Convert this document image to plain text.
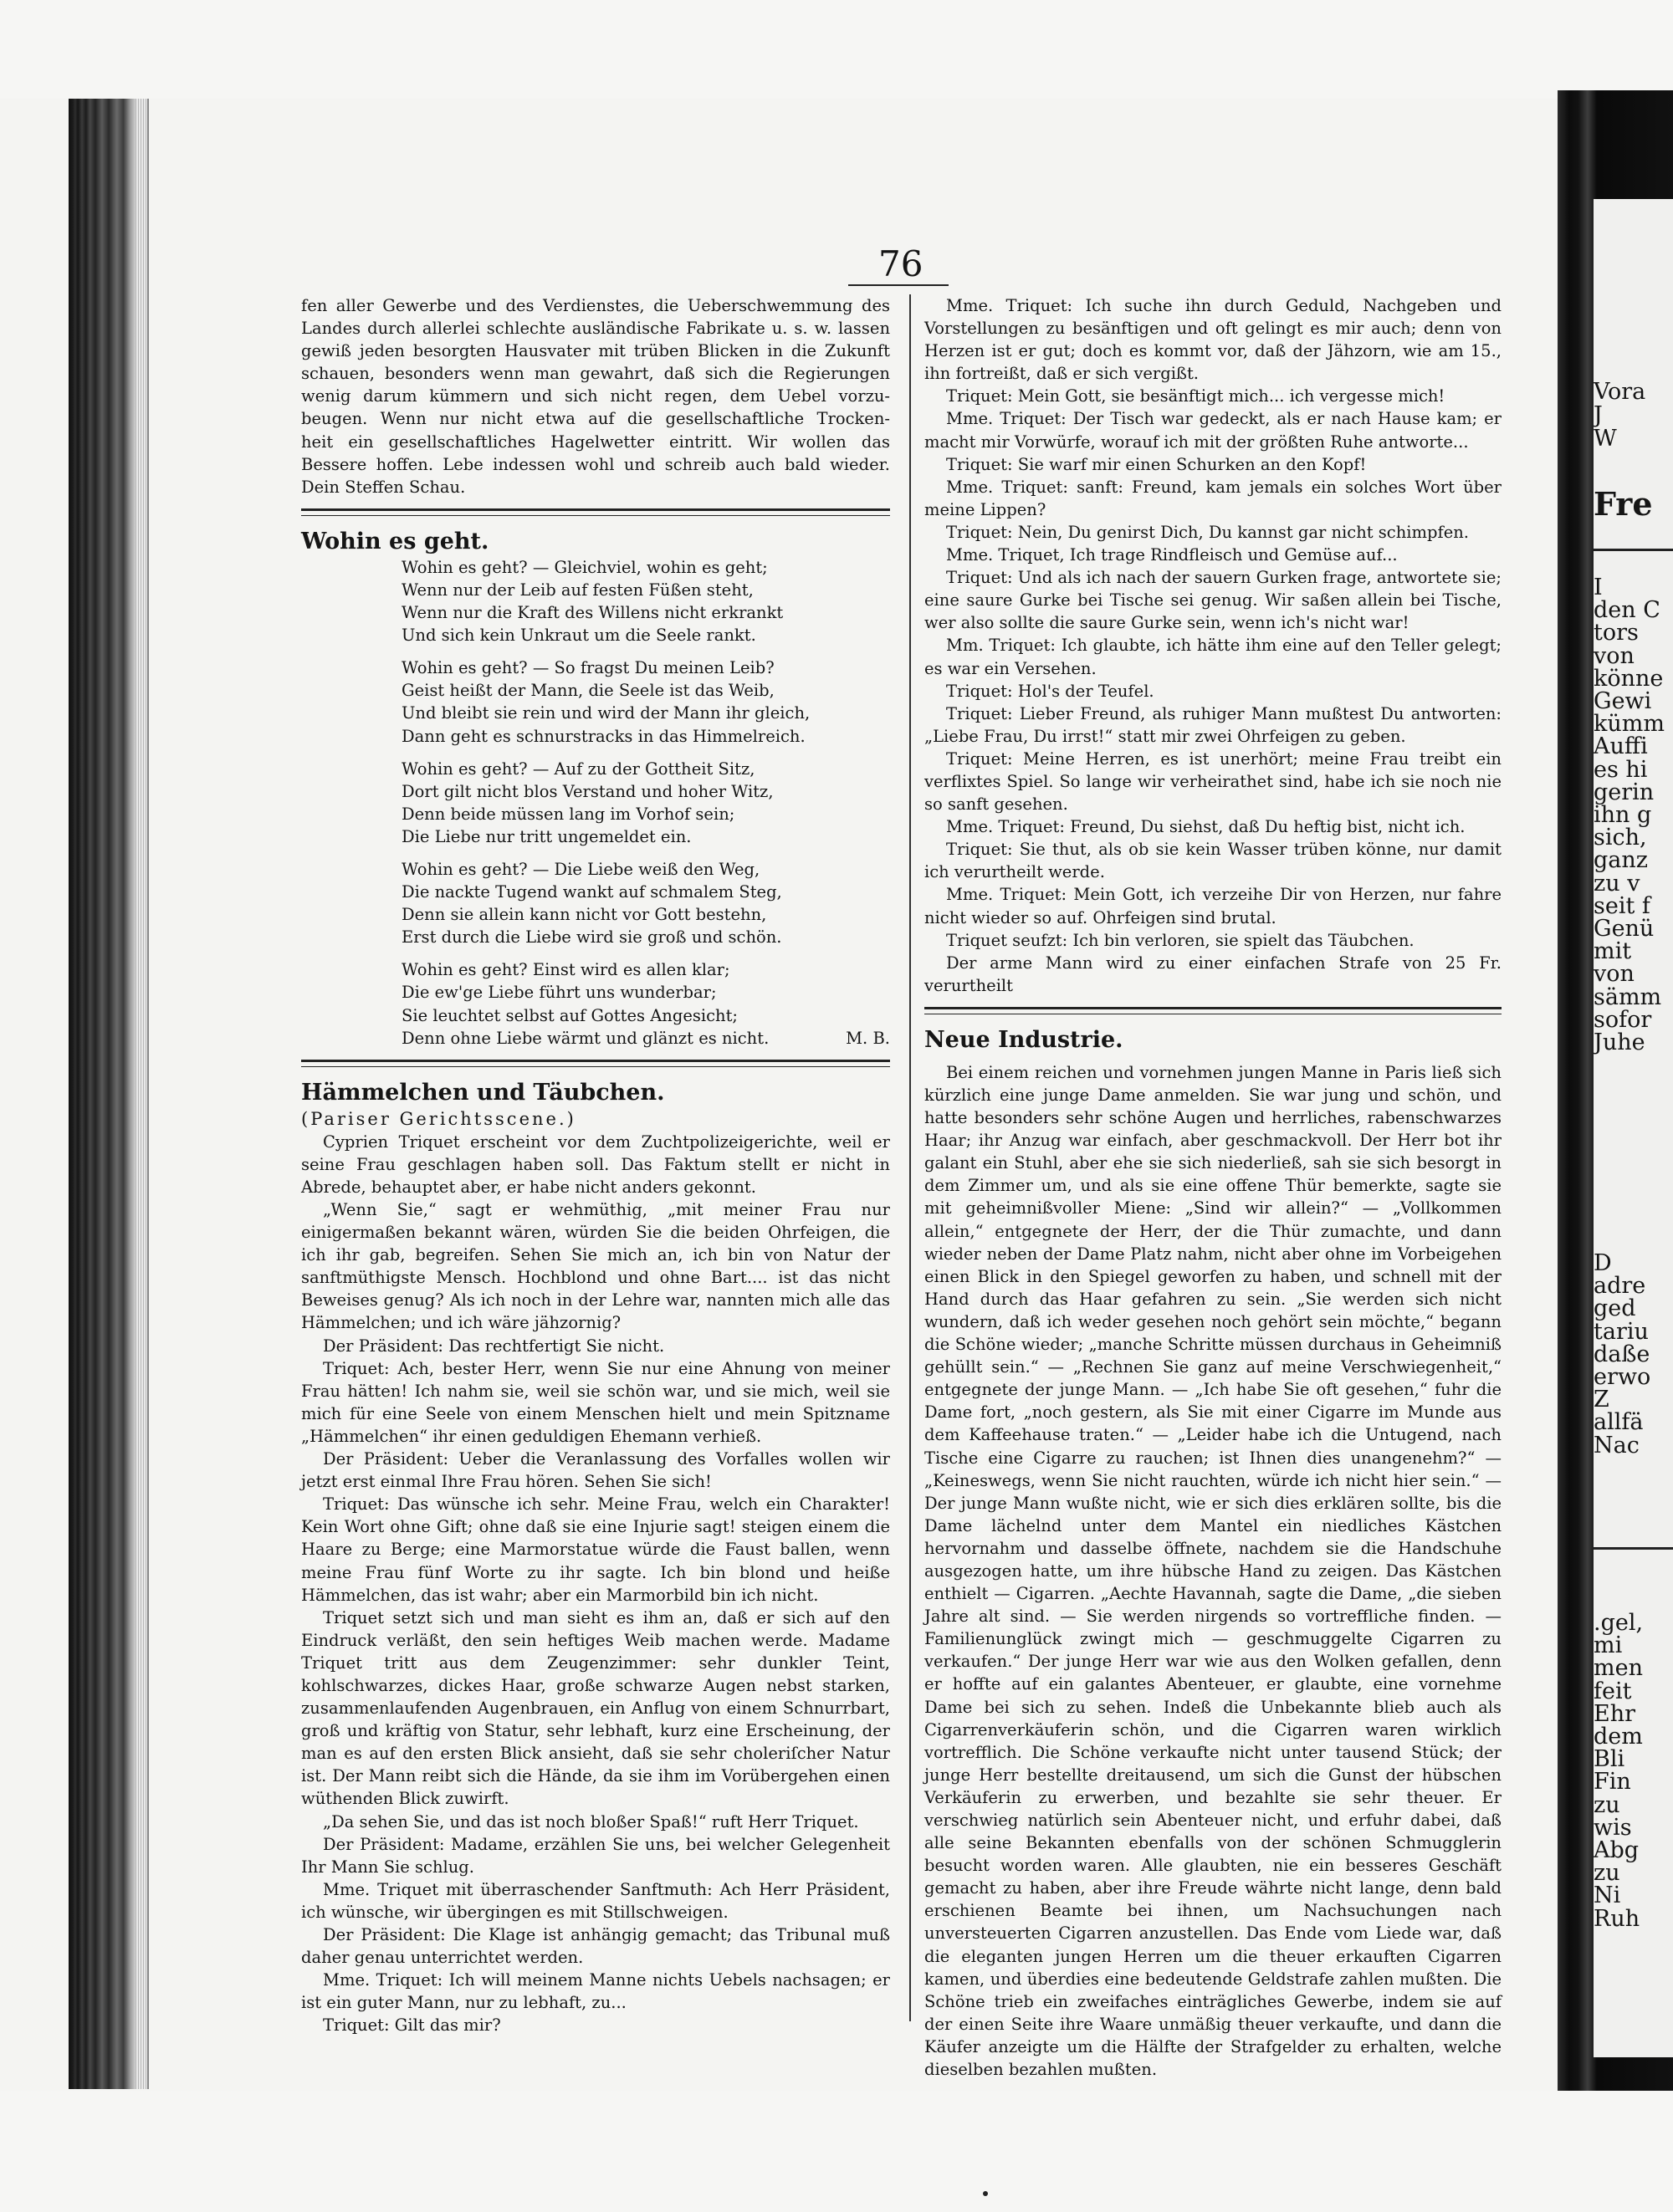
Vora
J
W
Fre
I
den C
tors
von
könne
Gewi
kümm
Auffi
es hi
gerin
ihn g
sich,
ganz
zu v
seit f
Genü
mit
von
sämm
sofor
Juhe
D
adre
ged
tariu
daße
erwo
Z
allfä
Nac
.gel,
mi
men
feit
Ehr
dem
Bli
Fin
zu
wis
Abg
zu
Ni
Ruh
76

fen aller Gewerbe und des Verdienstes, die Ueberschwemmung des

Landes durch allerlei schlechte ausländische Fabrikate u. s. w. lassen

gewiß jeden besorgten Hausvater mit trüben Blicken in die Zukunft

schauen, besonders wenn man gewahrt, daß sich die Regierungen

wenig darum kümmern und sich nicht regen, dem Uebel vorzu-

beugen. Wenn nur nicht etwa auf die gesellschaftliche Trocken-

heit ein gesellschaftliches Hagelwetter eintritt. Wir wollen das

Bessere hoffen. Lebe indessen wohl und schreib auch bald wieder.

Dein Steffen Schau.

Wohin es geht.

Wohin es geht? — Gleichviel, wohin es geht;
Wenn nur der Leib auf festen Füßen steht,
Wenn nur die Kraft des Willens nicht erkrankt
Und sich kein Unkraut um die Seele rankt.
Wohin es geht? — So fragst Du meinen Leib?
Geist heißt der Mann, die Seele ist das Weib,
Und bleibt sie rein und wird der Mann ihr gleich,
Dann geht es schnurstracks in das Himmelreich.
Wohin es geht? — Auf zu der Gottheit Sitz,
Dort gilt nicht blos Verstand und hoher Witz,
Denn beide müssen lang im Vorhof sein;
Die Liebe nur tritt ungemeldet ein.
Wohin es geht? — Die Liebe weiß den Weg,
Die nackte Tugend wankt auf schmalem Steg,
Denn sie allein kann nicht vor Gott bestehn,
Erst durch die Liebe wird sie groß und schön.
Wohin es geht? Einst wird es allen klar;
Die ew'ge Liebe führt uns wunderbar;
Sie leuchtet selbst auf Gottes Angesicht;
Denn ohne Liebe wärmt und glänzt es nicht.	M. B.

Hämmelchen und Täubchen.

(Pariser Gerichtsscene.)

Cyprien Triquet erscheint vor dem Zuchtpolizeigerichte, weil er seine Frau geschlagen haben soll. Das Faktum stellt er nicht in Abrede, behauptet aber, er habe nicht anders gekonnt.

„Wenn Sie,“ sagt er wehmüthig, „mit meiner Frau nur einigermaßen bekannt wären, würden Sie die beiden Ohrfeigen, die ich ihr gab, begreifen. Sehen Sie mich an, ich bin von Natur der sanftmüthigste Mensch. Hochblond und ohne Bart.... ist das nicht Beweises genug? Als ich noch in der Lehre war, nannten mich alle das Hämmelchen; und ich wäre jähzornig?

Der Präsident: Das rechtfertigt Sie nicht.

Triquet: Ach, bester Herr, wenn Sie nur eine Ahnung von meiner Frau hätten! Ich nahm sie, weil sie schön war, und sie mich, weil sie mich für eine Seele von einem Menschen hielt und mein Spitzname „Hämmelchen“ ihr einen geduldigen Ehemann verhieß.

Der Präsident: Ueber die Veranlassung des Vorfalles wollen wir jetzt erst einmal Ihre Frau hören. Sehen Sie sich!

Triquet: Das wünsche ich sehr. Meine Frau, welch ein Charakter! Kein Wort ohne Gift; ohne daß sie eine Injurie sagt! steigen einem die Haare zu Berge; eine Marmorstatue würde die Faust ballen, wenn meine Frau fünf Worte zu ihr sagte. Ich bin blond und heiße Hämmelchen, das ist wahr; aber ein Marmorbild bin ich nicht.

Triquet setzt sich und man sieht es ihm an, daß er sich auf den Eindruck verläßt, den sein heftiges Weib machen werde. Madame Triquet tritt aus dem Zeugenzimmer: sehr dunkler Teint, kohlschwarzes, dickes Haar, große schwarze Augen nebst starken, zusammenlaufenden Augenbrauen, ein Anflug von einem Schnurrbart, groß und kräftig von Statur, sehr lebhaft, kurz eine Erscheinung, der man es auf den ersten Blick ansieht, daß sie sehr choleriſcher Natur ist. Der Mann reibt sich die Hände, da sie ihm im Vorübergehen einen wüthenden Blick zuwirft.

„Da sehen Sie, und das ist noch bloßer Spaß!“ ruft Herr Triquet.

Der Präsident: Madame, erzählen Sie uns, bei welcher Gelegenheit Ihr Mann Sie schlug.

Mme. Triquet mit überraschender Sanftmuth: Ach Herr Präsident, ich wünsche, wir übergingen es mit Stillschweigen.

Der Präsident: Die Klage ist anhängig gemacht; das Tribunal muß daher genau unterrichtet werden.

Mme. Triquet: Ich will meinem Manne nichts Uebels nachsagen; er ist ein guter Mann, nur zu lebhaft, zu...

Triquet: Gilt das mir?

Mme. Triquet: Ich suche ihn durch Geduld, Nachgeben und Vorstellungen zu besänftigen und oft gelingt es mir auch; denn von Herzen ist er gut; doch es kommt vor, daß der Jähzorn, wie am 15., ihn fortreißt, daß er sich vergißt.

Triquet: Mein Gott, sie besänftigt mich... ich vergesse mich!

Mme. Triquet: Der Tisch war gedeckt, als er nach Hause kam; er macht mir Vorwürfe, worauf ich mit der größten Ruhe antworte...

Triquet: Sie warf mir einen Schurken an den Kopf!

Mme. Triquet: sanft: Freund, kam jemals ein solches Wort über meine Lippen?

Triquet: Nein, Du genirst Dich, Du kannst gar nicht schimpfen.

Mme. Triquet, Ich trage Rindfleisch und Gemüse auf...

Triquet: Und als ich nach der sauern Gurken frage, antwortete sie; eine saure Gurke bei Tische sei genug. Wir saßen allein bei Tische, wer also sollte die saure Gurke sein, wenn ich's nicht war!

Mm. Triquet: Ich glaubte, ich hätte ihm eine auf den Teller gelegt; es war ein Versehen.

Triquet: Hol's der Teufel.

Triquet: Lieber Freund, als ruhiger Mann mußtest Du antworten: „Liebe Frau, Du irrst!“ statt mir zwei Ohrfeigen zu geben.

Triquet: Meine Herren, es ist unerhört; meine Frau treibt ein verflixtes Spiel. So lange wir verheirathet sind, habe ich sie noch nie so sanft gesehen.

Mme. Triquet: Freund, Du siehst, daß Du heftig bist, nicht ich.

Triquet: Sie thut, als ob sie kein Wasser trüben könne, nur damit ich verurtheilt werde.

Mme. Triquet: Mein Gott, ich verzeihe Dir von Herzen, nur fahre nicht wieder so auf. Ohrfeigen sind brutal.

Triquet seufzt: Ich bin verloren, sie spielt das Täubchen.

Der arme Mann wird zu einer einfachen Strafe von 25 Fr. verurtheilt

Neue Industrie.

Bei einem reichen und vornehmen jungen Manne in Paris ließ sich kürzlich eine junge Dame anmelden. Sie war jung und schön, und hatte besonders sehr schöne Augen und herrliches, rabenschwarzes Haar; ihr Anzug war einfach, aber geschmackvoll. Der Herr bot ihr galant ein Stuhl, aber ehe sie sich niederließ, sah sie sich besorgt in dem Zimmer um, und als sie eine offene Thür bemerkte, sagte sie mit geheimnißvoller Miene: „Sind wir allein?“ — „Vollkommen allein,“ entgegnete der Herr, der die Thür zumachte, und dann wieder neben der Dame Platz nahm, nicht aber ohne im Vorbeigehen einen Blick in den Spiegel geworfen zu haben, und schnell mit der Hand durch das Haar gefahren zu sein. „Sie werden sich nicht wundern, daß ich weder gesehen noch gehört sein möchte,“ begann die Schöne wieder; „manche Schritte müssen durchaus in Geheimniß gehüllt sein.“ — „Rechnen Sie ganz auf meine Verschwiegenheit,“ entgegnete der junge Mann. — „Ich habe Sie oft gesehen,“ fuhr die Dame fort, „noch gestern, als Sie mit einer Cigarre im Munde aus dem Kaffeehause traten.“ — „Leider habe ich die Untugend, nach Tische eine Cigarre zu rauchen; ist Ihnen dies unangenehm?“ — „Keineswegs, wenn Sie nicht rauchten, würde ich nicht hier sein.“ — Der junge Mann wußte nicht, wie er sich dies erklären sollte, bis die Dame lächelnd unter dem Mantel ein niedliches Kästchen hervornahm und dasselbe öffnete, nachdem sie die Handschuhe ausgezogen hatte, um ihre hübsche Hand zu zeigen. Das Kästchen enthielt — Cigarren. „Aechte Havannah, sagte die Dame, „die sieben Jahre alt sind. — Sie werden nirgends so vortreffliche finden. — Familienunglück zwingt mich — geschmuggelte Cigarren zu verkaufen.“ Der junge Herr war wie aus den Wolken gefallen, denn er hoffte auf ein galantes Abenteuer, er glaubte, eine vornehme Dame bei sich zu sehen. Indeß die Unbekannte blieb auch als Cigarrenverkäuferin schön, und die Cigarren waren wirklich vortrefflich. Die Schöne verkaufte nicht unter tausend Stück; der junge Herr bestellte dreitausend, um sich die Gunst der hübschen Verkäuferin zu erwerben, und bezahlte sie sehr theuer. Er verschwieg natürlich sein Abenteuer nicht, und erfuhr dabei, daß alle seine Bekannten ebenfalls von der schönen Schmugglerin besucht worden waren. Alle glaubten, nie ein besseres Geschäft gemacht zu haben, aber ihre Freude währte nicht lange, denn bald erschienen Beamte bei ihnen, um Nachsuchungen nach unversteuerten Cigarren anzustellen. Das Ende vom Liede war, daß die eleganten jungen Herren um die theuer erkauften Cigarren kamen, und überdies eine bedeutende Geldstrafe zahlen mußten. Die Schöne trieb ein zweifaches einträgliches Gewerbe, indem sie auf der einen Seite ihre Waare unmäßig theuer verkaufte, und dann die Käufer anzeigte um die Hälfte der Strafgelder zu erhalten, welche dieselben bezahlen mußten.
